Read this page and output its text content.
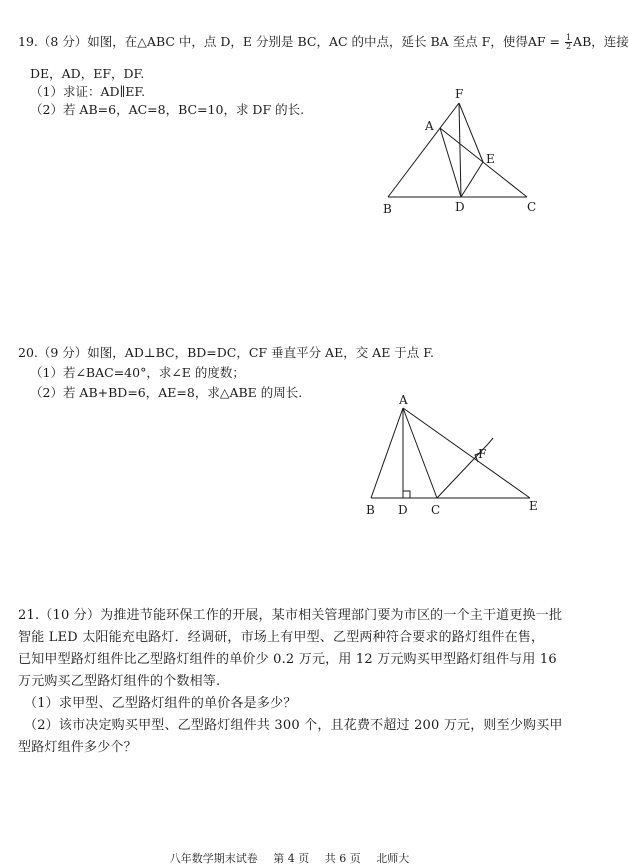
19.（8 分）如图，在△ABC 中，点 D，E 分别是 BC，AC 的中点，延长 BA 至点 F，使得AF = $\frac{1}{2}$ AB，连接
DE，AD，EF，DF.
（1）求证：AD∥EF.
（2）若 AB=6，AC=8，BC=10，求 DF 的长.
F
A
E
B	D	C
20.（9 分）如图，AD⊥BC，BD=DC，CF 垂直平分 AE，交 AE 于点 F.
（1）若∠BAC=40°，求∠E 的度数；
（2）若 AB+BD=6，AE=8，求△ABE 的周长.	A
F
B D C	E
21.（10 分）为推进节能环保工作的开展，某市相关管理部门要为市区的一个主干道更换一批
智能 LED 太阳能充电路灯．经调研，市场上有甲型、乙型两种符合要求的路灯组件在售，
已知甲型路灯组件比乙型路灯组件的单价少 0.2 万元，用 12 万元购买甲型路灯组件与用 16
万元购买乙型路灯组件的个数相等.
（1）求甲型、乙型路灯组件的单价各是多少？
（2）该市决定购买甲型、乙型路灯组件共 300 个，且花费不超过 200 万元，则至少购买甲
型路灯组件多少个？
八年数学期末试卷 第 4 页 共 6 页 北师大
